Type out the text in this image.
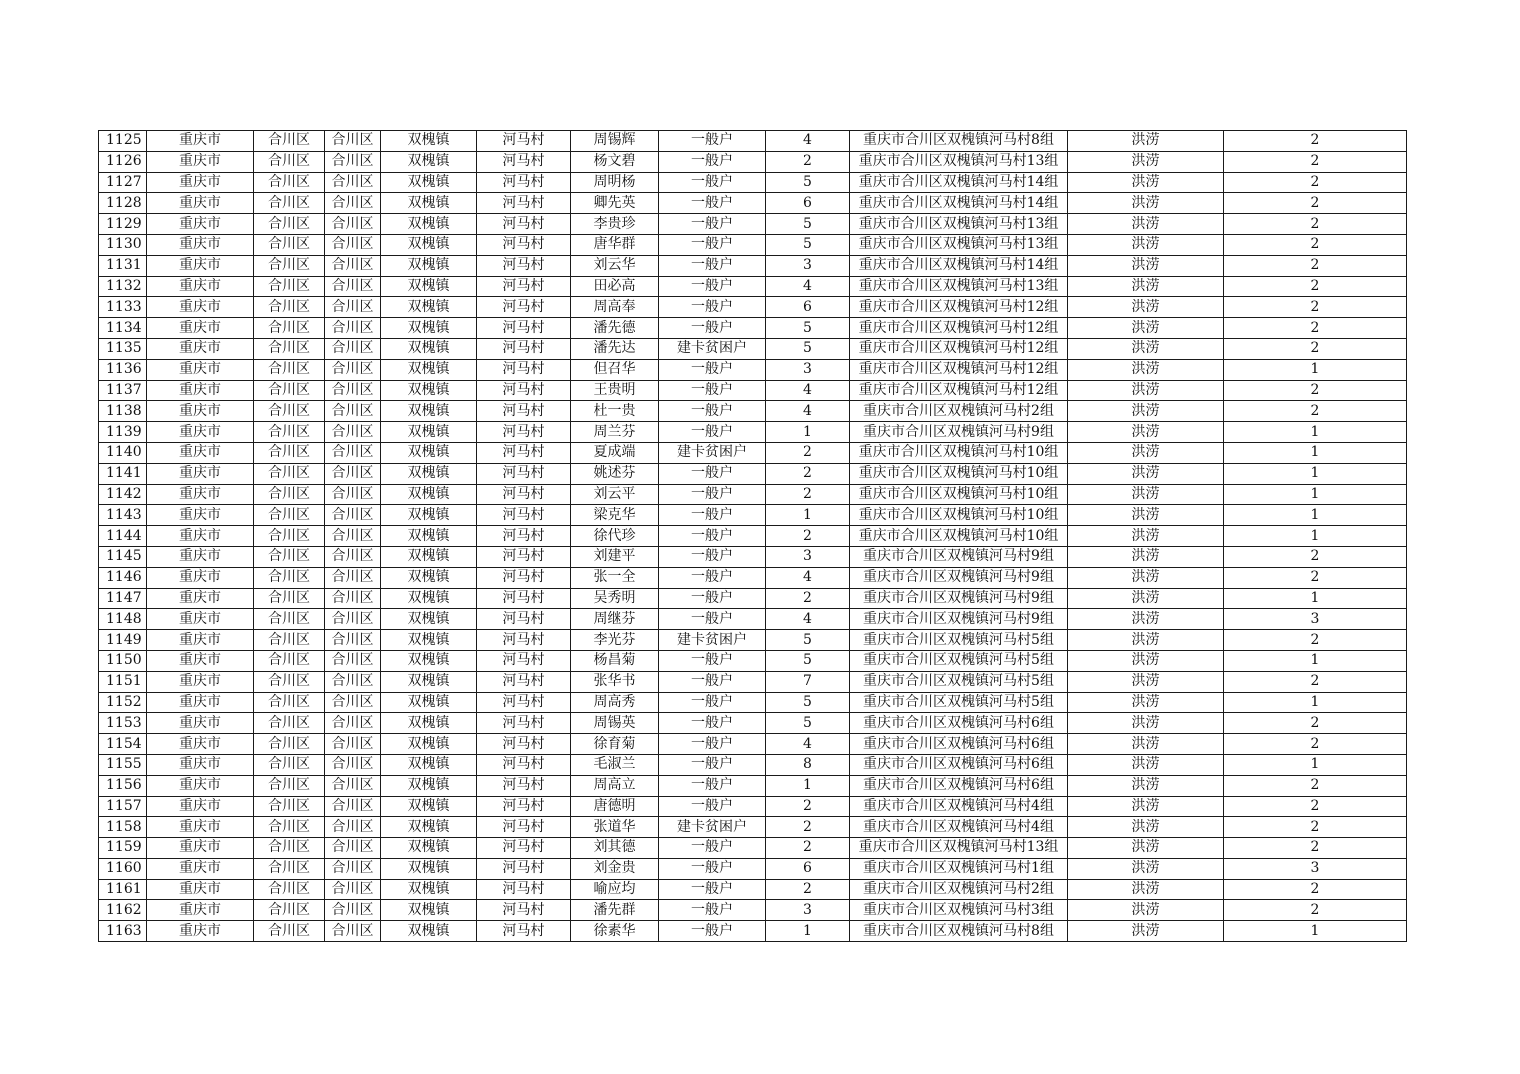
1125	重庆市	合川区	合川区	双槐镇	河马村	周锡辉	一般户	4	重庆市合川区双槐镇河马村8组	洪涝	2
1126	重庆市	合川区	合川区	双槐镇	河马村	杨文碧	一般户	2	重庆市合川区双槐镇河马村13组	洪涝	2
1127	重庆市	合川区	合川区	双槐镇	河马村	周明杨	一般户	5	重庆市合川区双槐镇河马村14组	洪涝	2
1128	重庆市	合川区	合川区	双槐镇	河马村	卿先英	一般户	6	重庆市合川区双槐镇河马村14组	洪涝	2
1129	重庆市	合川区	合川区	双槐镇	河马村	李贵珍	一般户	5	重庆市合川区双槐镇河马村13组	洪涝	2
1130	重庆市	合川区	合川区	双槐镇	河马村	唐华群	一般户	5	重庆市合川区双槐镇河马村13组	洪涝	2
1131	重庆市	合川区	合川区	双槐镇	河马村	刘云华	一般户	3	重庆市合川区双槐镇河马村14组	洪涝	2
1132	重庆市	合川区	合川区	双槐镇	河马村	田必高	一般户	4	重庆市合川区双槐镇河马村13组	洪涝	2
1133	重庆市	合川区	合川区	双槐镇	河马村	周高奉	一般户	6	重庆市合川区双槐镇河马村12组	洪涝	2
1134	重庆市	合川区	合川区	双槐镇	河马村	潘先德	一般户	5	重庆市合川区双槐镇河马村12组	洪涝	2
1135	重庆市	合川区	合川区	双槐镇	河马村	潘先达	建卡贫困户	5	重庆市合川区双槐镇河马村12组	洪涝	2
1136	重庆市	合川区	合川区	双槐镇	河马村	但召华	一般户	3	重庆市合川区双槐镇河马村12组	洪涝	1
1137	重庆市	合川区	合川区	双槐镇	河马村	王贵明	一般户	4	重庆市合川区双槐镇河马村12组	洪涝	2
1138	重庆市	合川区	合川区	双槐镇	河马村	杜一贵	一般户	4	重庆市合川区双槐镇河马村2组	洪涝	2
1139	重庆市	合川区	合川区	双槐镇	河马村	周兰芬	一般户	1	重庆市合川区双槐镇河马村9组	洪涝	1
1140	重庆市	合川区	合川区	双槐镇	河马村	夏成端	建卡贫困户	2	重庆市合川区双槐镇河马村10组	洪涝	1
1141	重庆市	合川区	合川区	双槐镇	河马村	姚述芬	一般户	2	重庆市合川区双槐镇河马村10组	洪涝	1
1142	重庆市	合川区	合川区	双槐镇	河马村	刘云平	一般户	2	重庆市合川区双槐镇河马村10组	洪涝	1
1143	重庆市	合川区	合川区	双槐镇	河马村	梁克华	一般户	1	重庆市合川区双槐镇河马村10组	洪涝	1
1144	重庆市	合川区	合川区	双槐镇	河马村	徐代珍	一般户	2	重庆市合川区双槐镇河马村10组	洪涝	1
1145	重庆市	合川区	合川区	双槐镇	河马村	刘建平	一般户	3	重庆市合川区双槐镇河马村9组	洪涝	2
1146	重庆市	合川区	合川区	双槐镇	河马村	张一全	一般户	4	重庆市合川区双槐镇河马村9组	洪涝	2
1147	重庆市	合川区	合川区	双槐镇	河马村	吴秀明	一般户	2	重庆市合川区双槐镇河马村9组	洪涝	1
1148	重庆市	合川区	合川区	双槐镇	河马村	周继芬	一般户	4	重庆市合川区双槐镇河马村9组	洪涝	3
1149	重庆市	合川区	合川区	双槐镇	河马村	李光芬	建卡贫困户	5	重庆市合川区双槐镇河马村5组	洪涝	2
1150	重庆市	合川区	合川区	双槐镇	河马村	杨昌菊	一般户	5	重庆市合川区双槐镇河马村5组	洪涝	1
1151	重庆市	合川区	合川区	双槐镇	河马村	张华书	一般户	7	重庆市合川区双槐镇河马村5组	洪涝	2
1152	重庆市	合川区	合川区	双槐镇	河马村	周高秀	一般户	5	重庆市合川区双槐镇河马村5组	洪涝	1
1153	重庆市	合川区	合川区	双槐镇	河马村	周锡英	一般户	5	重庆市合川区双槐镇河马村6组	洪涝	2
1154	重庆市	合川区	合川区	双槐镇	河马村	徐育菊	一般户	4	重庆市合川区双槐镇河马村6组	洪涝	2
1155	重庆市	合川区	合川区	双槐镇	河马村	毛淑兰	一般户	8	重庆市合川区双槐镇河马村6组	洪涝	1
1156	重庆市	合川区	合川区	双槐镇	河马村	周高立	一般户	1	重庆市合川区双槐镇河马村6组	洪涝	2
1157	重庆市	合川区	合川区	双槐镇	河马村	唐德明	一般户	2	重庆市合川区双槐镇河马村4组	洪涝	2
1158	重庆市	合川区	合川区	双槐镇	河马村	张道华	建卡贫困户	2	重庆市合川区双槐镇河马村4组	洪涝	2
1159	重庆市	合川区	合川区	双槐镇	河马村	刘其德	一般户	2	重庆市合川区双槐镇河马村13组	洪涝	2
1160	重庆市	合川区	合川区	双槐镇	河马村	刘金贵	一般户	6	重庆市合川区双槐镇河马村1组	洪涝	3
1161	重庆市	合川区	合川区	双槐镇	河马村	喻应均	一般户	2	重庆市合川区双槐镇河马村2组	洪涝	2
1162	重庆市	合川区	合川区	双槐镇	河马村	潘先群	一般户	3	重庆市合川区双槐镇河马村3组	洪涝	2
1163	重庆市	合川区	合川区	双槐镇	河马村	徐素华	一般户	1	重庆市合川区双槐镇河马村8组	洪涝	1
